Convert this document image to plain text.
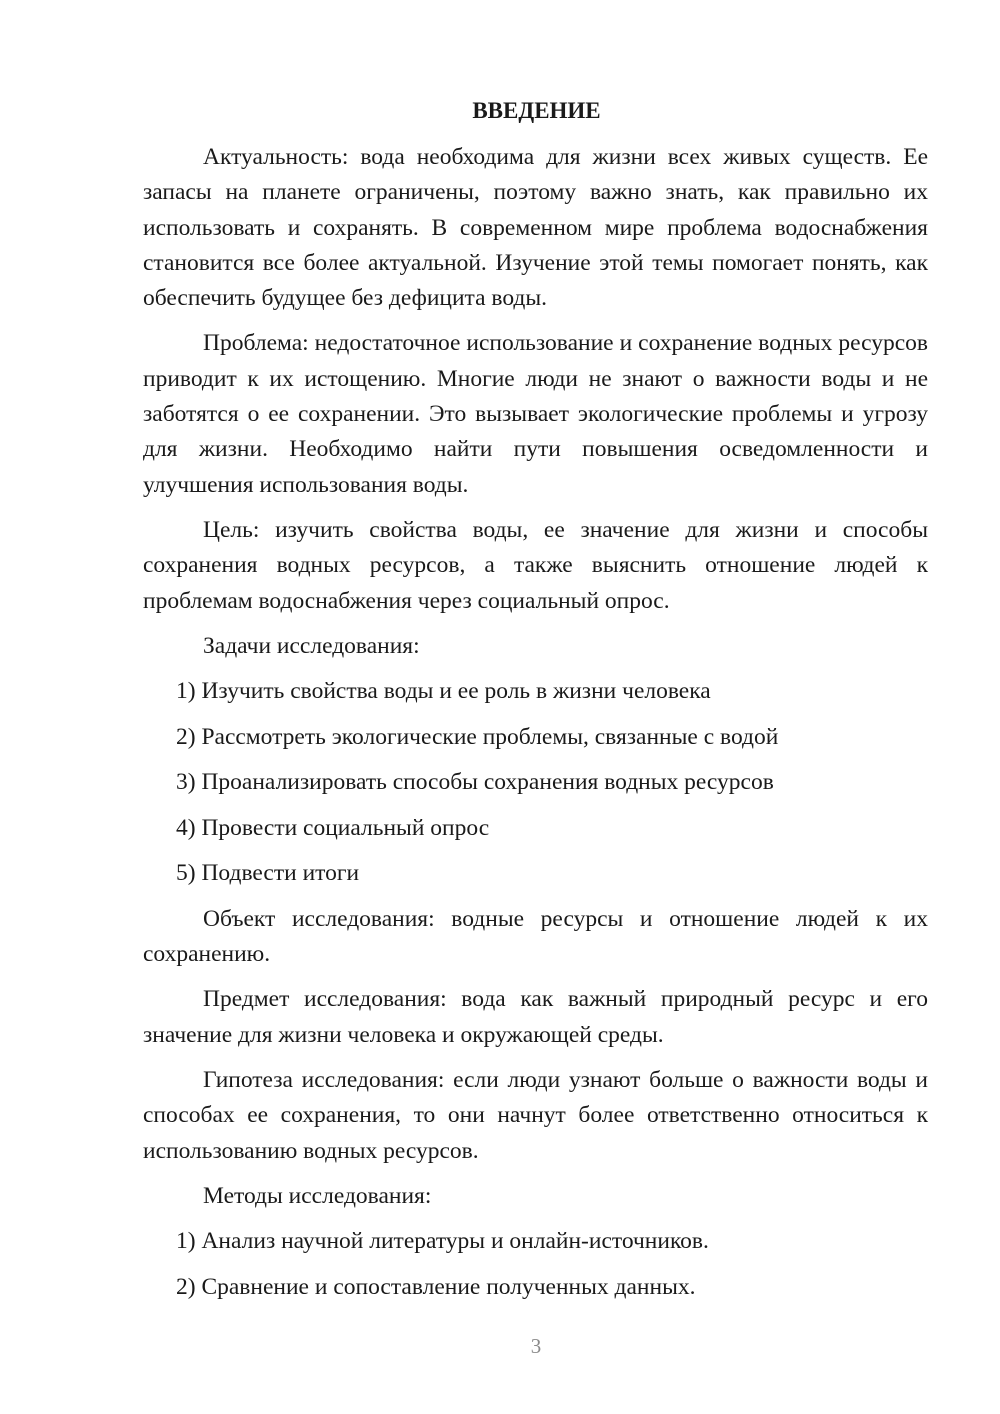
ВВЕДЕНИЕ

Актуальность: вода необходима для жизни всех живых существ. Ее запасы на планете ограничены, поэтому важно знать, как правильно их использовать и сохранять. В современном мире проблема водоснабжения становится все более актуальной. Изучение этой темы помогает понять, как обеспечить будущее без дефицита воды.

Проблема: недостаточное использование и сохранение водных ресурсов приводит к их истощению. Многие люди не знают о важности воды и не заботятся о ее сохранении. Это вызывает экологические проблемы и угрозу для жизни. Необходимо найти пути повышения осведомленности и улучшения использования воды.

Цель: изучить свойства воды, ее значение для жизни и способы сохранения водных ресурсов, а также выяснить отношение людей к проблемам водоснабжения через социальный опрос.

Задачи исследования:
1) Изучить свойства воды и ее роль в жизни человека
2) Рассмотреть экологические проблемы, связанные с водой
3) Проанализировать способы сохранения водных ресурсов
4) Провести социальный опрос
5) Подвести итоги

Объект исследования: водные ресурсы и отношение людей к их сохранению.

Предмет исследования: вода как важный природный ресурс и его значение для жизни человека и окружающей среды.

Гипотеза исследования: если люди узнают больше о важности воды и способах ее сохранения, то они начнут более ответственно относиться к использованию водных ресурсов.

Методы исследования:
1) Анализ научной литературы и онлайн-источников.
2) Сравнение и сопоставление полученных данных.
3
